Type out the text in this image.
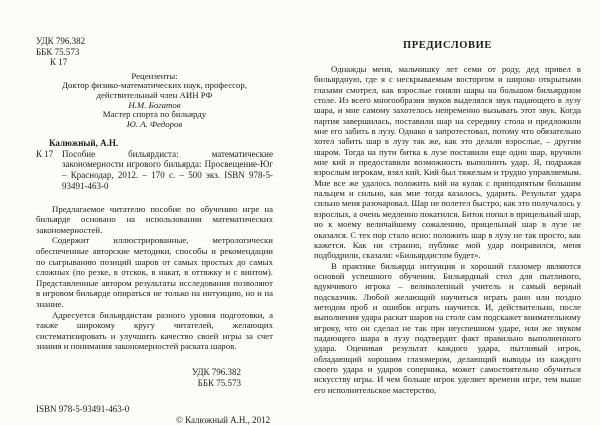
УДК 796.382
ББК 75.573
К 17
Рецензенты:
Доктор физико-математических наук, профессор,
действительный член АИН РФ
Н.М. Богатов
Мастер спорта по бильярду
Ю. А. Федоров
Калюжный, А.Н.
К 17 Пособие бильярдиста: математические закономерности игрового бильярда: Просвещение-Юг – Краснодар, 2012. – 170 с. – 500 экз. ISBN 978-5-93491-463-0

Предлагаемое читателю пособие по обучению игре на бильярде основано на использовании математических закономерностей.

Содержит иллюстрированные, метрологически обеспеченные авторские методики, способы и рекомендации по сыгрыванию позиций шаров от самых простых до самых сложных (по резке, в отскок, в накат, в оттяжку и с винтом). Представленные автором результаты исследования позволяют в игровом бильярде опираться не только на интуицию, но и на знание.

Адресуется бильярдистам разного уровня подготовки, а также широкому кругу читателей, желающих систематизировать и улучшить качество своей игры за счет знания и понимания закономерностей раската шаров.

УДК 796.382
ББК 75.573
ISBN 978-5-93491-463-0
© Калюжный А.Н., 2012
ПРЕДИСЛОВИЕ

Однажды меня, мальчишку лет семи от роду, дед привел в бильярдную, где я с нескрываемым восторгом и широко открытыми глазами смотрел, как взрослые гоняли шары на большом бильярдном столе. Из всего многообразия звуков выделялся звук падающего в лузу шара, и мне самому захотелось непременно вызывать этот звук. Когда партия завершилась, поставили шар на середину стола и предложили мне его забить в лузу. Однако я запротестовал, потому что обязательно хотел забить шар в лузу так же, как это делали взрослые, – другим шаром. Тогда на пути битка к лузе поставили еще один шар, вручили мне кий и предоставили возможность выполнить удар. Я, подражая взрослым игрокам, взял кий. Кий был тяжелым и трудно управляемым. Мне все же удалось положить кий на кулак с приподнятым большим пальцем и сильно, как мне тогда казалось, ударить. Результат удара сильно меня разочаровал. Шар не полетел быстро, как это получалось у взрослых, а очень медленно покатился. Биток попал в прицельный шар, но к моему величайшему сожалению, прицельный шар в лузе не оказался. С тех пор стало ясно: положить шар в лузу не так просто, как кажется. Как ни странно, публике мой удар понравился, меня подбодрили, сказали: «Бильярдистом будет».

В практике бильярда интуиция и хороший глазомер являются основой успешного обучения. Бильярдный стол для пытливого, вдумчивого игрока – великолепный учитель и самый верный подсказчик. Любой желающий научиться играть рано или поздно методом проб и ошибок играть научится. И, действительно, после выполнения удара раскат шаров на столе сам подскажет внимательному игроку, что он сделал не так при неуспешном ударе, или же звуком падающего шара в лузу подтвердит факт правильно выполненного удара. Оценивая результат каждого удара, пытливый игрок, обладающий хорошим глазомером, делающий выводы из каждого своего удара и ударов соперника, может самостоятельно обучиться искусству игры. И чем больше игрок уделяет времени игре, тем выше его исполнительское мастерство,
